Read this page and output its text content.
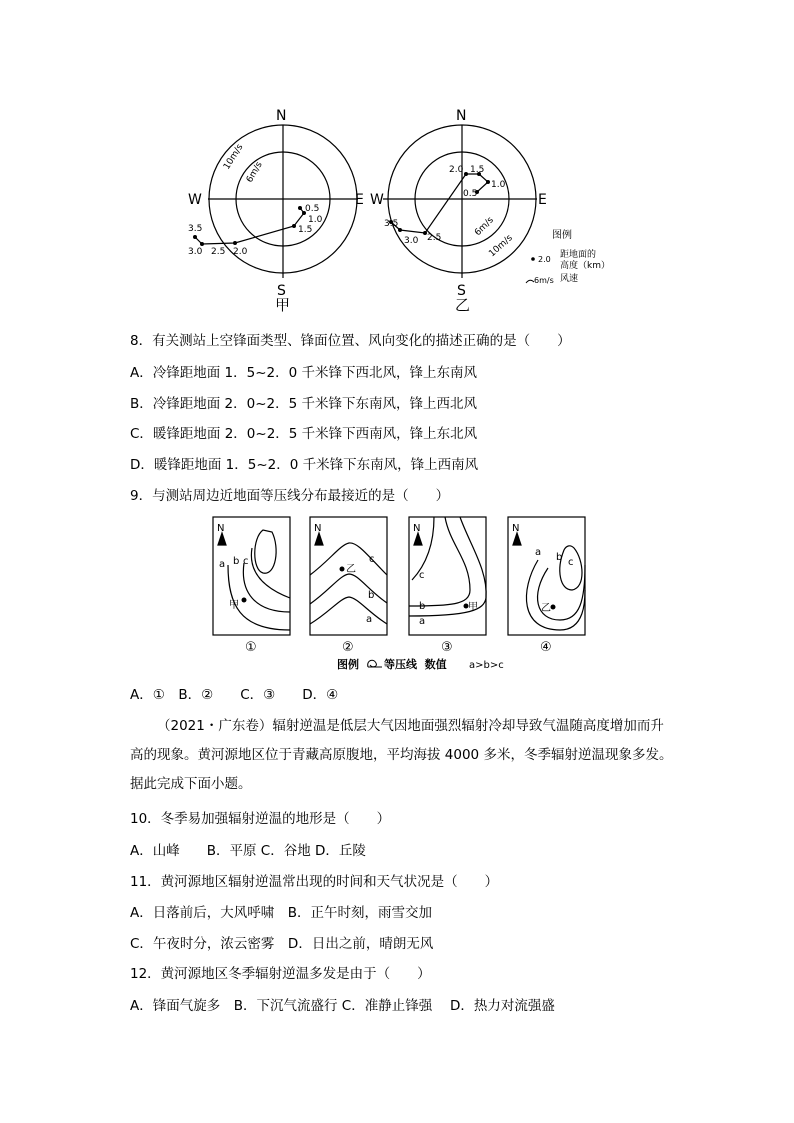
N
S
W	E
10m/s
6m/s
0.5
1.0
1.5
2.0
2.5
3.0
3.5
甲
N
S
W	E
6m/s
10m/s
0.5
1.0
1.5
2.0
2.5
3.0
3.5
乙
图例
2.0 距地面的
高度（km）
6m/s 风速
8．有关测站上空锋面类型、锋面位置、风向变化的描述正确的是（　　）
A．冷锋距地面 1．5~2．0 千米锋下西北风，锋上东南风
B．冷锋距地面 2．0~2．5 千米锋下东南风，锋上西北风
C．暖锋距地面 2．0~2．5 千米锋下西南风，锋上东北风
D．暖锋距地面 1．5~2．0 千米锋下东南风，锋上西南风
9．与测站周边近地面等压线分布最接近的是（　　）
N
a b c
甲
①
N
c
乙
b
a
②
N
c
b
a
甲
③
N
a b c
乙
④
图例 等压线  数值 a>b>c
A．①　B．②　　C．③　　D．④
（2021・广东卷）辐射逆温是低层大气因地面强烈辐射冷却导致气温随高度增加而升
高的现象。黄河源地区位于青藏高原腹地，平均海拔 4000 多米，冬季辐射逆温现象多发。
据此完成下面小题。
10．冬季易加强辐射逆温的地形是（　　）
A．山峰　　B．平原 C．谷地 D．丘陵
11．黄河源地区辐射逆温常出现的时间和天气状况是（　　）
A．日落前后，大风呼啸　B．正午时刻，雨雪交加
C．午夜时分，浓云密雾　D．日出之前，晴朗无风
12．黄河源地区冬季辐射逆温多发是由于（　　）
A．锋面气旋多　B．下沉气流盛行 C．准静止锋强　 D．热力对流强盛
